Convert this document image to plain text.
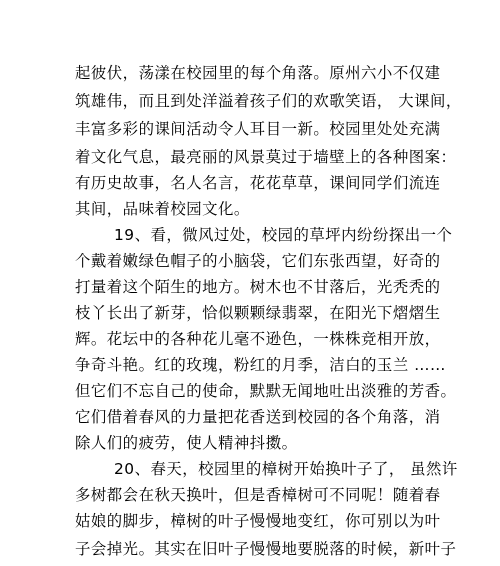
起彼伏，荡漾在校园里的每个角落。原州六小不仅建
筑雄伟，而且到处洋溢着孩子们的欢歌笑语， 大课间，
丰富多彩的课间活动令人耳目一新。校园里处处充满
着文化气息，最亮丽的风景莫过于墙壁上的各种图案：
有历史故事，名人名言，花花草草，课间同学们流连
其间，品味着校园文化。
19、看，微风过处，校园的草坪内纷纷探出一个
个戴着嫩绿色帽子的小脑袋，它们东张西望，好奇的
打量着这个陌生的地方。树木也不甘落后，光秃秃的
枝丫长出了新芽，恰似颗颗绿翡翠，在阳光下熠熠生
辉。花坛中的各种花儿毫不逊色，一株株竞相开放，
争奇斗艳。红的玫瑰，粉红的月季，洁白的玉兰 ……
但它们不忘自己的使命，默默无闻地吐出淡雅的芳香。
它们借着春风的力量把花香送到校园的各个角落，消
除人们的疲劳，使人精神抖擞。
20、春天，校园里的樟树开始换叶子了， 虽然许
多树都会在秋天换叶，但是香樟树可不同呢！随着春
姑娘的脚步，樟树的叶子慢慢地变红，你可别以为叶
子会掉光。其实在旧叶子慢慢地要脱落的时候，新叶子
